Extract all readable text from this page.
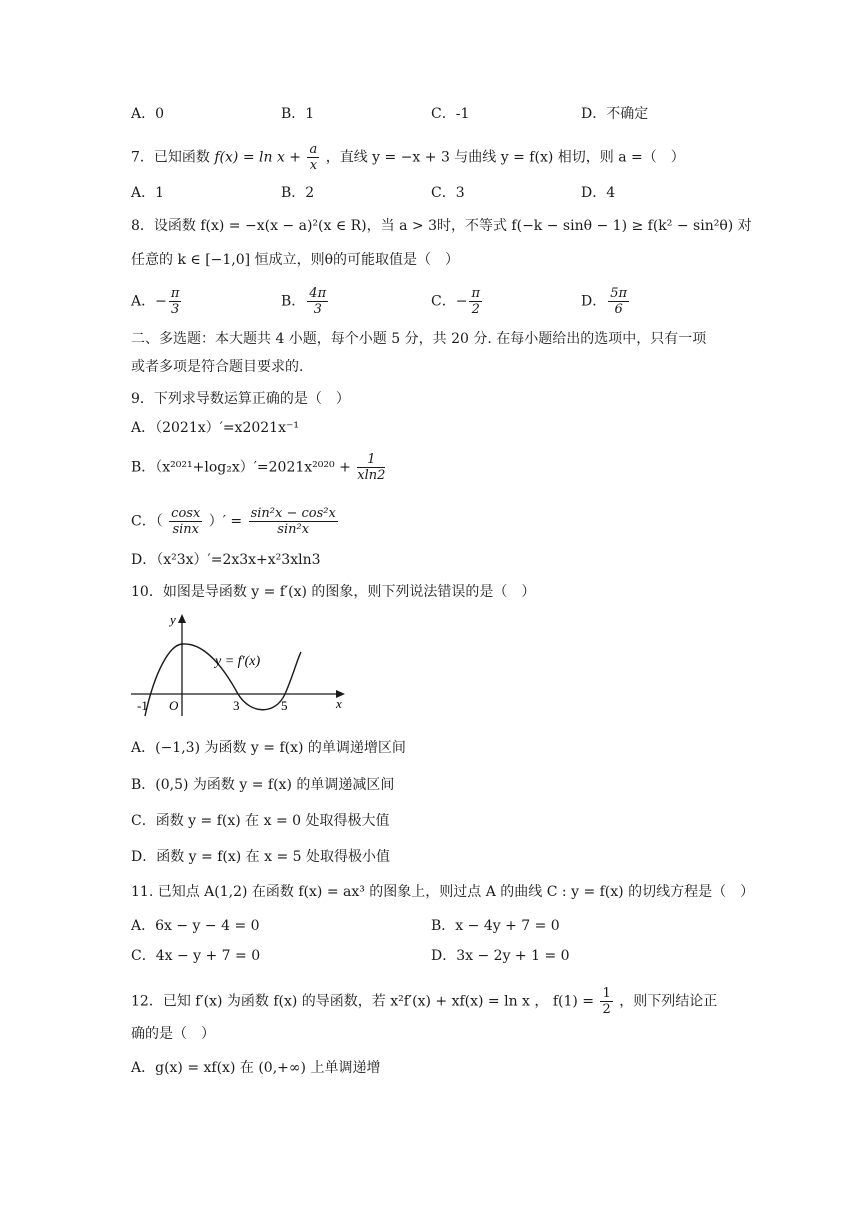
A．0	B．1	C．-1	D．不确定
7．已知函数 $f(x) = \ln x + \frac{a}{x}$ ，直线 y = −x + 3 与曲线 y = f(x) 相切，则 a =（　）
A．1	B．2	C．3	D．4
8．设函数 f(x) = −x(x − a)²(x ∈ R)，当 a > 3时，不等式 f(−k − sinθ − 1) ≥ f(k² − sin²θ) 对
任意的 k ∈ [−1,0] 恒成立，则θ的可能取值是（　）
A．− $\frac{\pi}{3}$	B． $\frac{4\pi}{3}$	C．− $\frac{\pi}{2}$	D． $\frac{5\pi}{6}$
二、多选题：本大题共 4 小题，每个小题 5 分，共 20 分. 在每小题给出的选项中，只有一项
或者多项是符合题目要求的.
9．下列求导数运算正确的是（　）
A．（2021x）′=x2021x⁻¹
B．$(x^{2021}+\log_2x)'=2021x^{2020} + \frac{1}{xln2}$
C．（ $\frac{\cos x}{\sin x}$ ）′ = $\frac{\text{sin²x − cos²x}}{\text{sin²x}}$
D．（x²3x）′=2x3x+x²3xln3
10．如图是导函数 y = f′(x) 的图象，则下列说法错误的是（　）
y
x
O
-1	3	5
y = f′(x)
A．(−1,3) 为函数 y = f(x) 的单调递增区间
B．(0,5) 为函数 y = f(x) 的单调递减区间
C．函数 y = f(x) 在 x = 0 处取得极大值
D．函数 y = f(x) 在 x = 5 处取得极小值
11. 已知点 A(1,2) 在函数 f(x) = ax³ 的图象上，则过点 A 的曲线 C : y = f(x) 的切线方程是（　）
A．6x − y − 4 = 0	B．x − 4y + 7 = 0
C．4x − y + 7 = 0	D．3x − 2y + 1 = 0
12．已知 f′(x) 为函数 f(x) 的导函数，若 x²f′(x) + xf(x) = ln x ， $f(1) = \frac{1}{2}$ ，则下列结论正
确的是（　）
A．g(x) = xf(x) 在 (0,+∞) 上单调递增
